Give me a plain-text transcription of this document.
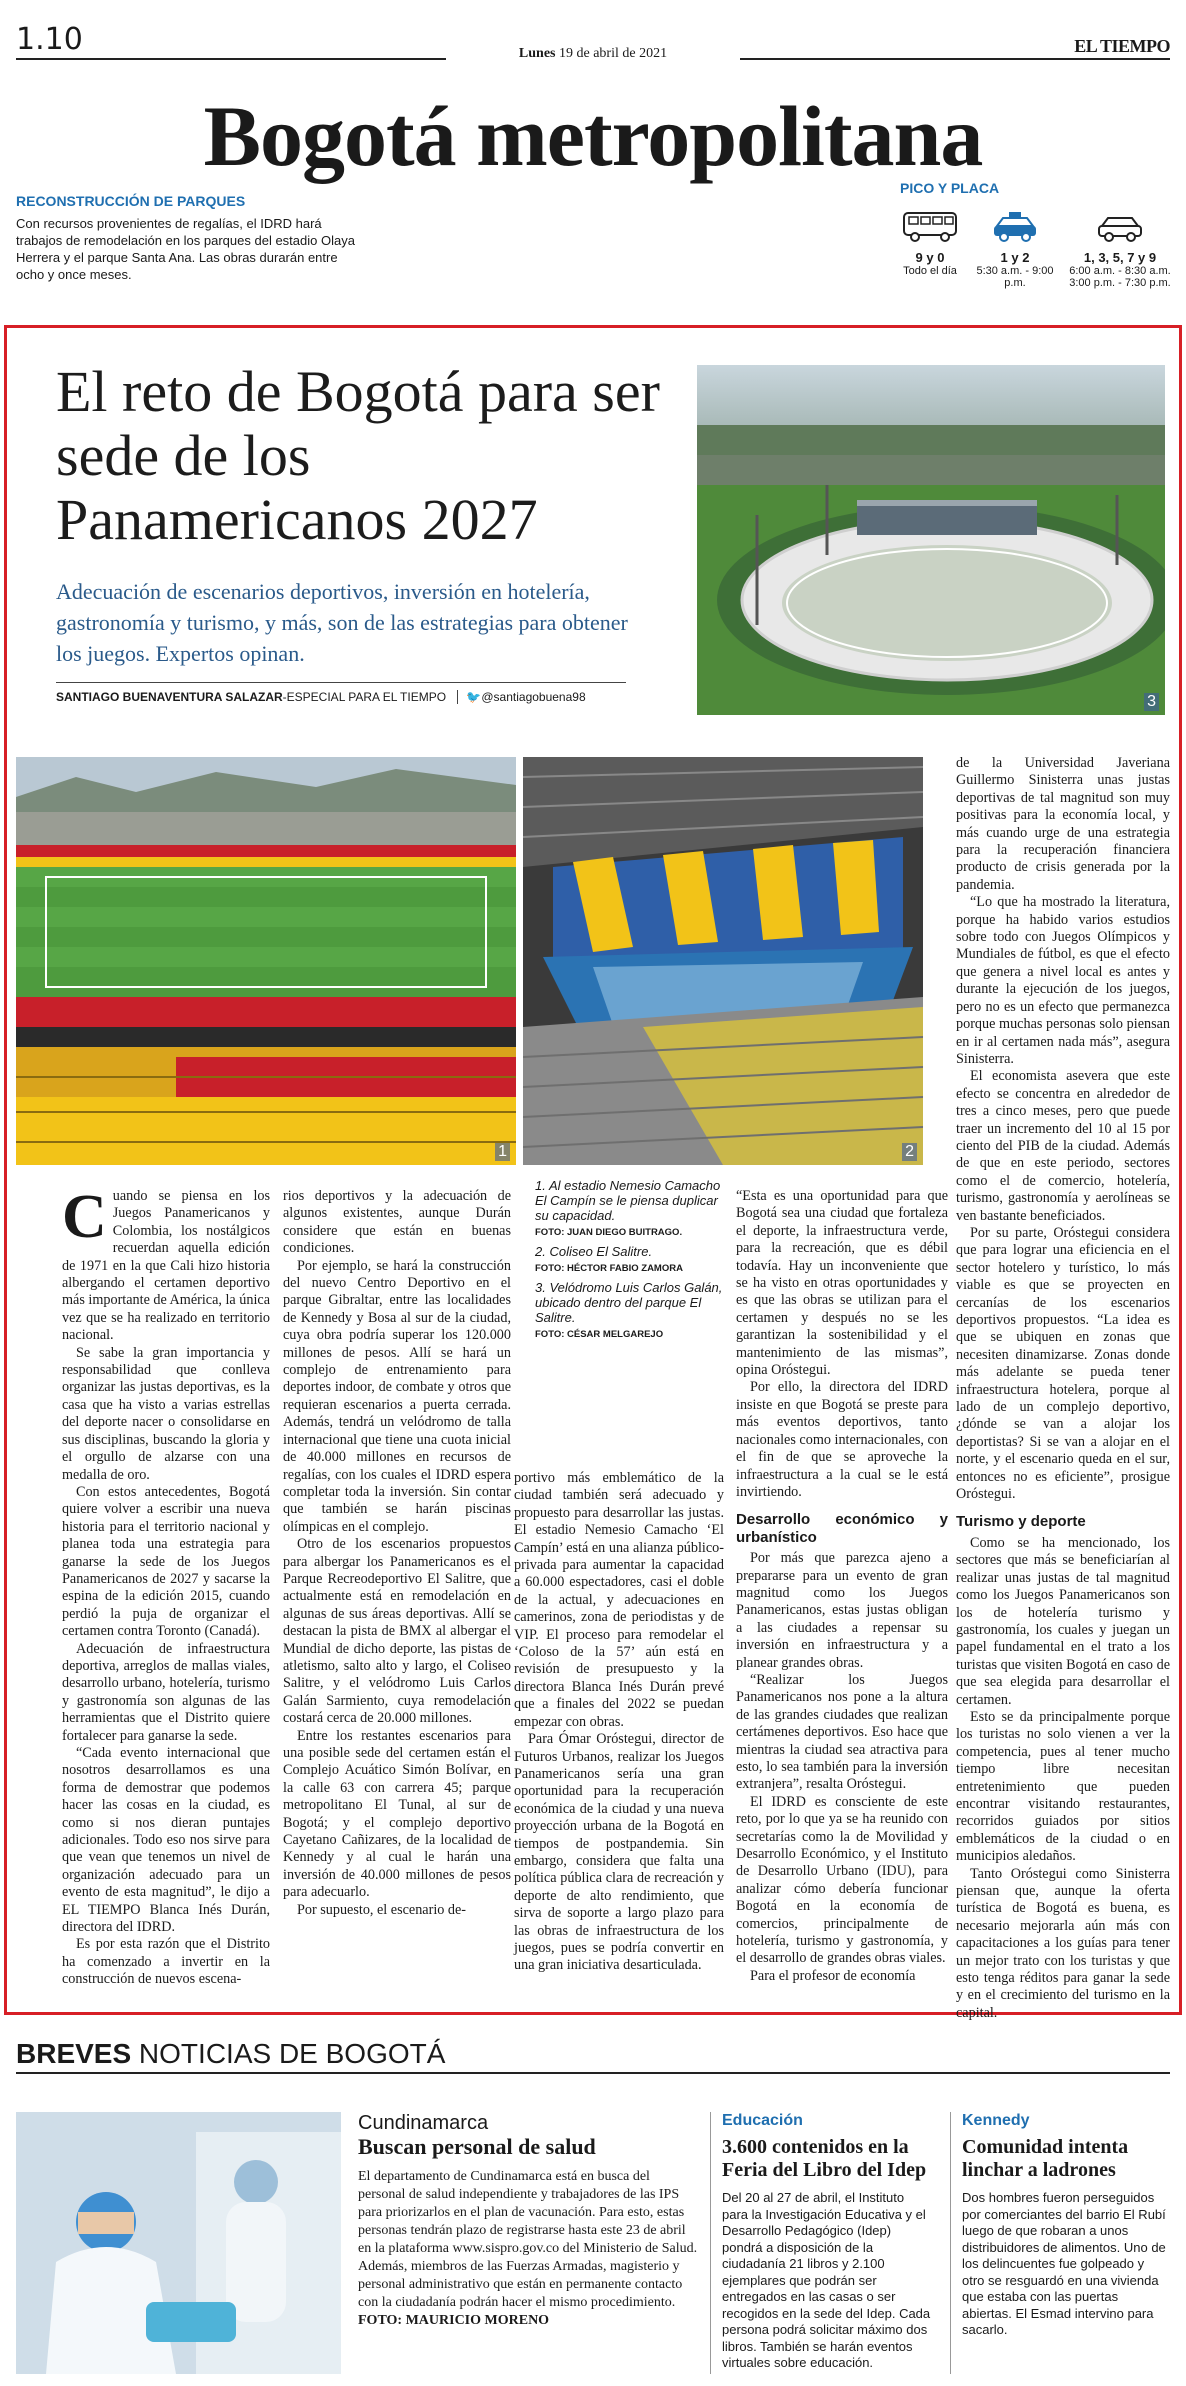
1.10	Lunes 19 de abril de 2021	EL TIEMPO
Bogotá metropolitana
RECONSTRUCCIÓN DE PARQUES
Con recursos provenientes de regalías, el IDRD hará trabajos de remodelación en los parques del estadio Olaya Herrera y el parque Santa Ana. Las obras durarán entre ocho y once meses.
PICO Y PLACA
9 y 0
Todo el día
1 y 2
5:30 a.m. - 9:00 p.m.
1, 3, 5, 7 y 9
6:00 a.m. - 8:30 a.m. 3:00 p.m. - 7:30 p.m.
El reto de Bogotá para ser sede de los Panamericanos 2027
Adecuación de escenarios deportivos, inversión en hotelería, gastronomía y turismo, y más, son de las estrategias para obtener los juegos. Expertos opinan.
SANTIAGO BUENAVENTURA SALAZAR-ESPECIAL PARA EL TIEMPO 🐦@santiagobuena98	3
1	2
1. Al estadio Nemesio Camacho El Campín se le piensa duplicar su capacidad.
FOTO: JUAN DIEGO BUITRAGO.
2. Coliseo El Salitre.
FOTO: HÉCTOR FABIO ZAMORA
3. Velódromo Luis Carlos Galán, ubicado dentro del parque El Salitre.
FOTO: CÉSAR MELGAREJO

Cuando se piensa en los Juegos Panamericanos y Colombia, los nostálgicos recuerdan aquella edición de 1971 en la que Cali hizo historia albergando el certamen deportivo más importante de América, la única vez que se ha realizado en territorio nacional.

Se sabe la gran importancia y responsabilidad que conlleva organizar las justas deportivas, es la casa que ha visto a varias estrellas del deporte nacer o consolidarse en sus disciplinas, buscando la gloria y el orgullo de alzarse con una medalla de oro.

Con estos antecedentes, Bogotá quiere volver a escribir una nueva historia para el territorio nacional y planea toda una estrategia para ganarse la sede de los Juegos Panamericanos de 2027 y sacarse la espina de la edición 2015, cuando perdió la puja de organizar el certamen contra Toronto (Canadá).

Adecuación de infraestructura deportiva, arreglos de mallas viales, desarrollo urbano, hotelería, turismo y gastronomía son algunas de las herramientas que el Distrito quiere fortalecer para ganarse la sede.

“Cada evento internacional que nosotros desarrollamos es una forma de demostrar que podemos hacer las cosas en la ciudad, es como si nos dieran puntajes adicionales. Todo eso nos sirve para que vean que tenemos un nivel de organización adecuado para un evento de esta magnitud”, le dijo a EL TIEMPO Blanca Inés Durán, directora del IDRD.

Es por esta razón que el Distrito ha comenzado a invertir en la construcción de nuevos escena-

rios deportivos y la adecuación de algunos existentes, aunque Durán considere que están en buenas condiciones.

Por ejemplo, se hará la construcción del nuevo Centro Deportivo en el parque Gibraltar, entre las localidades de Kennedy y Bosa al sur de la ciudad, cuya obra podría superar los 120.000 millones de pesos. Allí se hará un complejo de entrenamiento para deportes indoor, de combate y otros que requieran escenarios a puerta cerrada. Además, tendrá un velódromo de talla internacional que tiene una cuota inicial de 40.000 millones en recursos de regalías, con los cuales el IDRD espera completar toda la inversión. Sin contar que también se harán piscinas olímpicas en el complejo.

Otro de los escenarios propuestos para albergar los Panamericanos es el Parque Recreodeportivo El Salitre, que actualmente está en remodelación en algunas de sus áreas deportivas. Allí se destacan la pista de BMX al albergar el Mundial de dicho deporte, las pistas de atletismo, salto alto y largo, el Coliseo Salitre, y el velódromo Luis Carlos Galán Sarmiento, cuya remodelación costará cerca de 20.000 millones.

Entre los restantes escenarios para una posible sede del certamen están el Complejo Acuático Simón Bolívar, en la calle 63 con carrera 45; parque metropolitano El Tunal, al sur de Bogotá; y el complejo deportivo Cayetano Cañizares, de la localidad de Kennedy y al cual le harán una inversión de 40.000 millones de pesos para adecuarlo.

Por supuesto, el escenario de-

portivo más emblemático de la ciudad también será adecuado y propuesto para desarrollar las justas. El estadio Nemesio Camacho ‘El Campín’ está en una alianza público-privada para aumentar la capacidad a 60.000 espectadores, casi el doble de la actual, y adecuaciones en camerinos, zona de periodistas y de VIP. El proceso para remodelar el ‘Coloso de la 57’ aún está en revisión de presupuesto y la directora Blanca Inés Durán prevé que a finales del 2022 se puedan empezar con obras.

Para Ómar Oróstegui, director de Futuros Urbanos, realizar los Juegos Panamericanos sería una gran oportunidad para la recuperación económica de la ciudad y una nueva proyección urbana de la Bogotá en tiempos de postpandemia. Sin embargo, considera que falta una política pública clara de recreación y deporte de alto rendimiento, que sirva de soporte a largo plazo para las obras de infraestructura de los juegos, pues se podría convertir en una gran iniciativa desarticulada.

“Esta es una oportunidad para que Bogotá sea una ciudad que fortaleza el deporte, la infraestructura verde, para la recreación, que es débil todavía. Hay un inconveniente que se ha visto en otras oportunidades y es que las obras se utilizan para el certamen y después no se les garantizan la sostenibilidad y el mantenimiento de las mismas”, opina Oróstegui.

Por ello, la directora del IDRD insiste en que Bogotá se preste para más eventos deportivos, tanto nacionales como internacionales, con el fin de que se aproveche la infraestructura a la cual se le está invirtiendo.

Desarrollo económico y urbanístico

Por más que parezca ajeno a prepararse para un evento de gran magnitud como los Juegos Panamericanos, estas justas obligan a las ciudades a repensar su inversión en infraestructura y a planear grandes obras.

“Realizar los Juegos Panamericanos nos pone a la altura de las grandes ciudades que realizan certámenes deportivos. Eso hace que mientras la ciudad sea atractiva para esto, lo sea también para la inversión extranjera”, resalta Oróstegui.

El IDRD es consciente de este reto, por lo que ya se ha reunido con secretarías como la de Movilidad y Desarrollo Económico, y el Instituto de Desarrollo Urbano (IDU), para analizar cómo debería funcionar Bogotá en la economía de comercios, principalmente de hotelería, turismo y gastronomía, y el desarrollo de grandes obras viales.

Para el profesor de economía

de la Universidad Javeriana Guillermo Sinisterra unas justas deportivas de tal magnitud son muy positivas para la economía local, y más cuando urge de una estrategia para la recuperación financiera producto de crisis generada por la pandemia.

“Lo que ha mostrado la literatura, porque ha habido varios estudios sobre todo con Juegos Olímpicos y Mundiales de fútbol, es que el efecto que genera a nivel local es antes y durante la ejecución de los juegos, pero no es un efecto que permanezca porque muchas personas solo piensan en ir al certamen nada más”, asegura Sinisterra.

El economista asevera que este efecto se concentra en alrededor de tres a cinco meses, pero que puede traer un incremento del 10 al 15 por ciento del PIB de la ciudad. Además de que en este periodo, sectores como el de comercio, hotelería, turismo, gastronomía y aerolíneas se ven bastante beneficiados.

Por su parte, Oróstegui considera que para lograr una eficiencia en el sector hotelero y turístico, lo más viable es que se proyecten en cercanías de los escenarios deportivos propuestos. “La idea es que se ubiquen en zonas que necesiten dinamizarse. Zonas donde más adelante se pueda tener infraestructura hotelera, porque al lado de un complejo deportivo, ¿dónde se van a alojar los deportistas? Si se van a alojar en el norte, y el escenario queda en el sur, entonces no es eficiente”, prosigue Oróstegui.

Turismo y deporte

Como se ha mencionado, los sectores que más se beneficiarían al realizar unas justas de tal magnitud como los Juegos Panamericanos son los de hotelería turismo y gastronomía, los cuales y juegan un papel fundamental en el trato a los turistas que visiten Bogotá en caso de que sea elegida para desarrollar el certamen.

Esto se da principalmente porque los turistas no solo vienen a ver la competencia, pues al tener mucho tiempo libre necesitan entretenimiento que pueden encontrar visitando restaurantes, recorridos guiados por sitios emblemáticos de la ciudad o en municipios aledaños.

Tanto Oróstegui como Sinisterra piensan que, aunque la oferta turística de Bogotá es buena, es necesario mejorarla aún más con capacitaciones a los guías para tener un mejor trato con los turistas y que esto tenga réditos para ganar la sede y en el crecimiento del turismo en la capital.

BREVES NOTICIAS DE BOGOTÁ
Cundinamarca
Buscan personal de salud
El departamento de Cundinamarca está en busca del personal de salud independiente y trabajadores de las IPS para priorizarlos en el plan de vacunación. Para esto, estas personas tendrán plazo de registrarse hasta este 23 de abril en la plataforma www.sispro.gov.co del Ministerio de Salud. Además, miembros de las Fuerzas Armadas, magisterio y personal administrativo que están en permanente contacto con la ciudadanía podrán hacer el mismo procedimiento. FOTO: MAURICIO MORENO
Educación
3.600 contenidos en la Feria del Libro del Idep
Del 20 al 27 de abril, el Instituto para la Investigación Educativa y el Desarrollo Pedagógico (Idep) pondrá a disposición de la ciudadanía 21 libros y 2.100 ejemplares que podrán ser entregados en las casas o ser recogidos en la sede del Idep. Cada persona podrá solicitar máximo dos libros. También se harán eventos virtuales sobre educación.
Kennedy
Comunidad intenta linchar a ladrones
Dos hombres fueron perseguidos por comerciantes del barrio El Rubí luego de que robaran a unos distribuidores de alimentos. Uno de los delincuentes fue golpeado y otro se resguardó en una vivienda que estaba con las puertas abiertas. El Esmad intervino para sacarlo.
